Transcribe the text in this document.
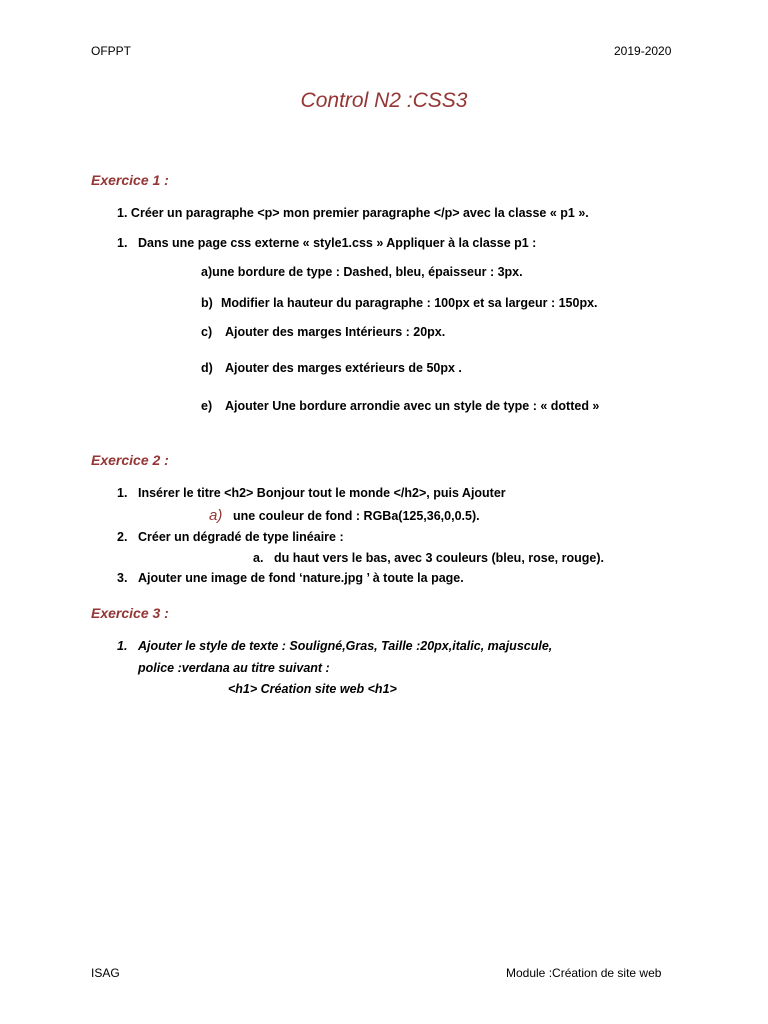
OFPPT	2019-2020
Control N2 :CSS3
Exercice 1 :
1. Créer un paragraphe <p> mon premier paragraphe </p> avec la classe « p1 ».
1. Dans une page css externe « style1.css » Appliquer à la classe p1 :
a)une bordure de type : Dashed, bleu, épaisseur : 3px.
b) Modifier la hauteur du paragraphe : 100px et sa largeur : 150px.
c) Ajouter des marges Intérieurs : 20px.
d) Ajouter des marges extérieurs de 50px .
e) Ajouter Une bordure arrondie avec un style de type : « dotted »
Exercice 2 :
1. Insérer le titre <h2> Bonjour tout le monde </h2>, puis Ajouter
a) une couleur de fond : RGBa(125,36,0,0.5).
2. Créer un dégradé de type linéaire :
a. du haut vers le bas, avec 3 couleurs (bleu, rose, rouge).
3. Ajouter une image de fond ‘nature.jpg ’ à toute la page.
Exercice 3 :
1. Ajouter le style de texte : Souligné,Gras, Taille :20px,italic, majuscule,
police :verdana au titre suivant :
<h1> Création site web <h1>
ISAG	Module :Création de site web
